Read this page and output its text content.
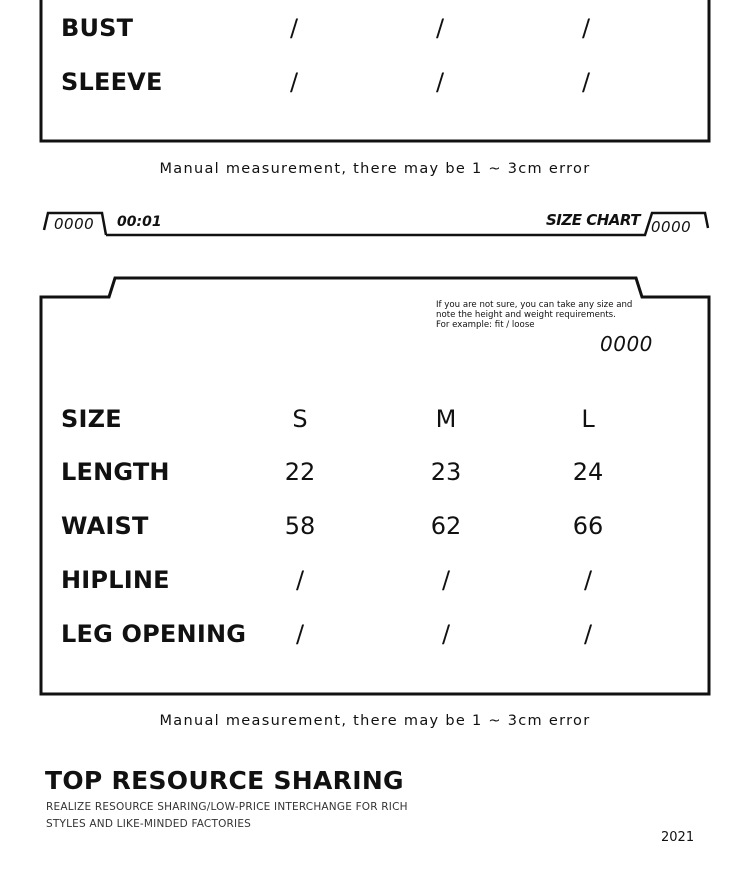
BUST	/	/	/
SLEEVE	/	/	/
Manual measurement, there may be 1 ~ 3cm error
0000 00:01	SIZE CHART 0000
If you are not sure, you can take any size and
note the height and weight requirements.
For example: fit / loose
0000
SIZE	S	M	L
LENGTH	22	23	24
WAIST	58	62	66
HIPLINE	/	/	/
LEG OPENING	/	/	/
Manual measurement, there may be 1 ~ 3cm error
TOP RESOURCE SHARING
REALIZE RESOURCE SHARING/LOW-PRICE INTERCHANGE FOR RICH
STYLES AND LIKE-MINDED FACTORIES
2021
